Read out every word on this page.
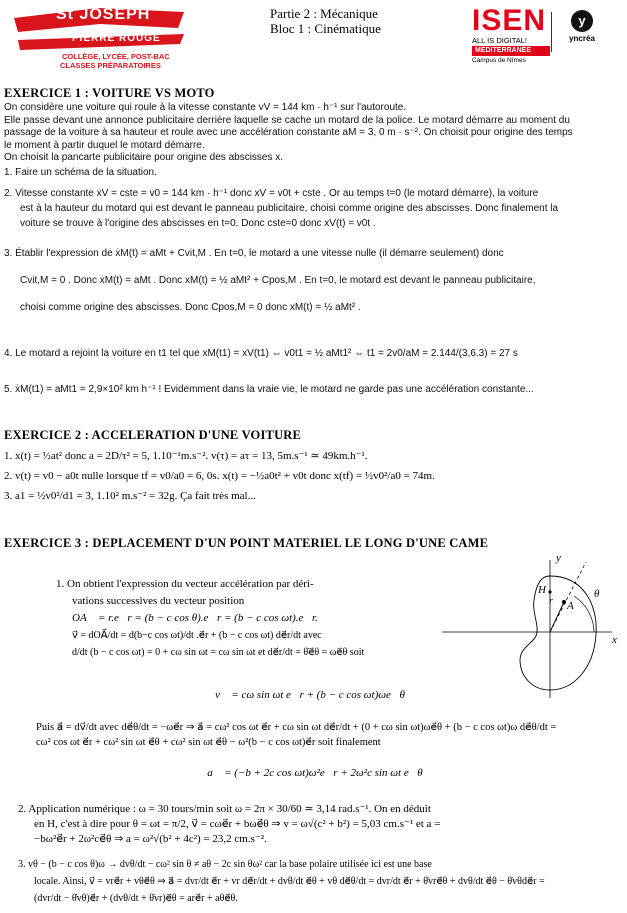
St JOSEPH
PIERRE ROUGE
COLLÈGE, LYCÉE, POST-BAC
CLASSES PRÉPARATOIRES
Partie 2 : Mécanique
Bloc 1 : Cinématique	ISEN
ALL IS DIGITAL!
MÉDITERRANÉE
Campus de Nîmes
y
yncréa
EXERCICE 1 : VOITURE VS MOTO
On considère une voiture qui roule à la vitesse constante vV = 144 km · h⁻¹ sur l'autoroute.
Elle passe devant une annonce publicitaire derrière laquelle se cache un motard de la police. Le motard démarre au moment du
passage de la voiture à sa hauteur et roule avec une accélération constante aM = 3, 0 m · s⁻². On choisit pour origine des temps
le moment à partir duquel le motard démarre.
On choisit la pancarte publicitaire pour origine des abscisses x.
1. Faire un schéma de la situation.
2. Vitesse constante ẋV = cste = v0 = 144 km · h⁻¹ donc xV = v0t + cste . Or au temps t=0 (le motard démarre), la voiture
est à la hauteur du motard qui est devant le panneau publicitaire, choisi comme origine des abscisses. Donc finalement la
voiture se trouve à l'origine des abscisses en t=0. Donc cste=0 donc xV(t) = v0t .
3. Établir l'expression de ẋM(t) = aMt + Cvit,M . En t=0, le motard a une vitesse nulle (il démarre seulement) donc
Cvit,M = 0 . Donc ẋM(t) = aMt . Donc xM(t) = ½ aMt² + Cpos,M . En t=0, le motard est devant le panneau publicitaire,
choisi comme origine des abscisses. Donc Cpos,M = 0 donc xM(t) = ½ aMt² .
4. Le motard a rejoint la voiture en t1 tel que xM(t1) = xV(t1) ⇔ v0t1 = ½ aMt1² ⇔ t1 = 2v0/aM = 2.144/(3,6.3) = 27 s
5. ẋM(t1) = aMt1 = 2,9×10² km h⁻¹ ! Evidemment dans la vraie vie, le motard ne garde pas une accélération constante...
EXERCICE 2 : ACCELERATION D'UNE VOITURE
1. x(t) = ½at² donc a = 2D/τ² = 5, 1.10⁻¹m.s⁻². v(τ) = aτ = 13, 5m.s⁻¹ ≃ 49km.h⁻¹.
2. v(t) = v0 − a0t nulle lorsque tf = v0/a0 = 6, 0s. x(t) = −½a0t² + v0t donc x(tf) = ½v0²/a0 = 74m.
3. a1 = ½v0²/d1 = 3, 1.10² m.s⁻² = 32g. Ça fait très mal...
EXERCICE 3 : DEPLACEMENT D'UN POINT MATERIEL LE LONG D'UNE CAME
1. On obtient l'expression du vecteur accélération par déri-
vations successives du vecteur position
OA⃗ = r.e⃗r = (b − c cos θ).e⃗r = (b − c cos ωt).e⃗r.
v⃗ = dOA⃗/dt = d(b−c cos ωt)/dt .e⃗r + (b − c cos ωt) de⃗r/dt avec
d/dt (b − c cos ωt) = 0 + cω sin ωt = cω sin ωt et de⃗r/dt = θ̇e⃗θ = ωe⃗θ soit
v⃗ = cω sin ωt e⃗r + (b − c cos ωt)ωe⃗θ
y
x
H
r A
θ
Puis a⃗ = dv⃗/dt avec de⃗θ/dt = −ωe⃗r ⇒ a⃗ = cω² cos ωt e⃗r + cω sin ωt de⃗r/dt + (0 + cω sin ωt)ωe⃗θ + (b − c cos ωt)ω de⃗θ/dt =
cω² cos ωt e⃗r + cω² sin ωt e⃗θ + cω² sin ωt e⃗θ − ω²(b − c cos ωt)e⃗r soit finalement
a⃗ = (−b + 2c cos ωt)ω²e⃗r + 2ω²c sin ωt e⃗θ
2. Application numérique : ω = 30 tours/min soit ω = 2π × 30/60 ≃ 3,14 rad.s⁻¹. On en déduit
en H, c'est à dire pour θ = ωt = π/2, v⃗ = cωe⃗r + bωe⃗θ ⇒ v = ω√(c² + b²) = 5,03 cm.s⁻¹ et a =
−bω²e⃗r + 2ω²ce⃗θ ⇒ a = ω²√(b² + 4c²) = 23,2 cm.s⁻².
3. vθ − (b − c cos θ)ω → dvθ/dt − cω² sin θ ≠ aθ − 2c sin θω² car la base polaire utilisée ici est une base
locale. Ainsi, v⃗ = vre⃗r + vθe⃗θ ⇒ a⃗ = dvr/dt e⃗r + vr de⃗r/dt + dvθ/dt e⃗θ + vθ de⃗θ/dt = dvr/dt e⃗r + θ̇vre⃗θ + dvθ/dt e⃗θ − θ̇vθde⃗r =
(dvr/dt − θ̇vθ)e⃗r + (dvθ/dt + θ̇vr)e⃗θ = are⃗r + aθe⃗θ.
